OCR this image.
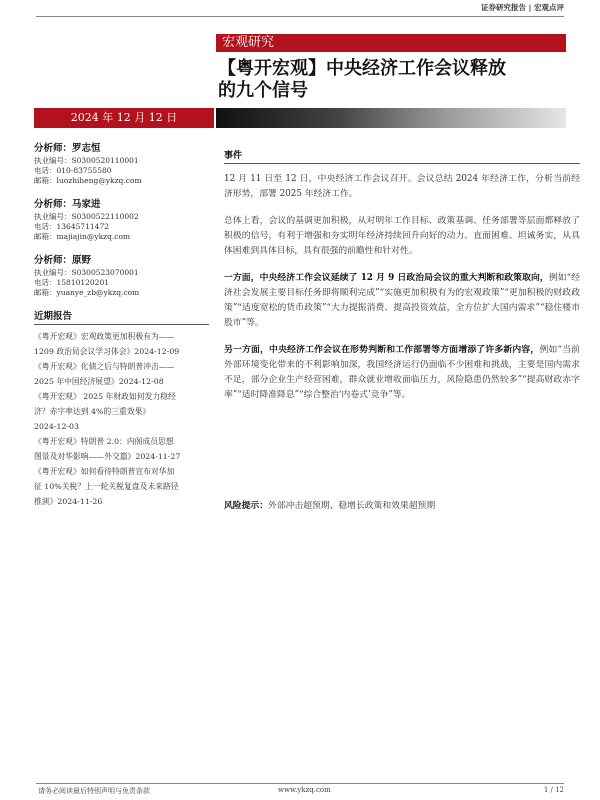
证券研究报告 | 宏观点评
宏观研究
【粤开宏观】中央经济工作会议释放
的九个信号
2024 年 12 月 12 日
分析师：罗志恒
执业编号：S0300520110001
电话：010-83755580
邮箱：luozhiheng@ykzq.com
分析师：马家进
执业编号：S0300522110002
电话：13645711472
邮箱：majiajin@ykzq.com
分析师：原野
执业编号：S0300523070001
电话：15810120201
邮箱：yuanye_zb@ykzq.com
近期报告
《粤开宏观》宏观政策更加积极有为——
1209 政治局会议学习体会》2024-12-09
《粤开宏观》化债之后与特朗普冲击——
2025 年中国经济展望》2024-12-08
《粤开宏观》 2025 年财政如何发力稳经
济？赤字率达到 4%的三重效果》
2024-12-03
《粤开宏观》特朗普 2.0：内阁成员思想
图景及对华影响——外交篇》2024-11-27
《粤开宏观》如何看待特朗普宣布对华加
征 10%关税？上一轮关税复盘及未来路径
推演》2024-11-26
事件

12 月 11 日至 12 日，中央经济工作会议召开。会议总结 2024 年经济工作，分析当前经济形势，部署 2025 年经济工作。

总体上看，会议的基调更加积极，从对明年工作目标、政策基调、任务部署等层面都释放了积极的信号，有利于增强和夯实明年经济持续回升向好的动力。直面困难、坦诚务实，从具体困难到具体目标，具有很强的前瞻性和针对性。

一方面，中央经济工作会议延续了 12 月 9 日政治局会议的重大判断和政策取向，例如“经济社会发展主要目标任务即将顺利完成”“实施更加积极有为的宏观政策”“更加积极的财政政策”“适度宽松的货币政策”“大力提振消费、提高投资效益，全方位扩大国内需求”“稳住楼市股市”等。

另一方面，中央经济工作会议在形势判断和工作部署等方面增添了许多新内容，例如“当前外部环境变化带来的不利影响加深，我国经济运行仍面临不少困难和挑战，主要是国内需求不足，部分企业生产经营困难，群众就业增收面临压力，风险隐患仍然较多”“提高财政赤字率”“适时降准降息”“综合整治‘内卷式’竞争”等。

风险提示：外部冲击超预期、稳增长政策和效果超预期
请务必阅读最后特别声明与免责条款	www.ykzq.com	1 / 12
